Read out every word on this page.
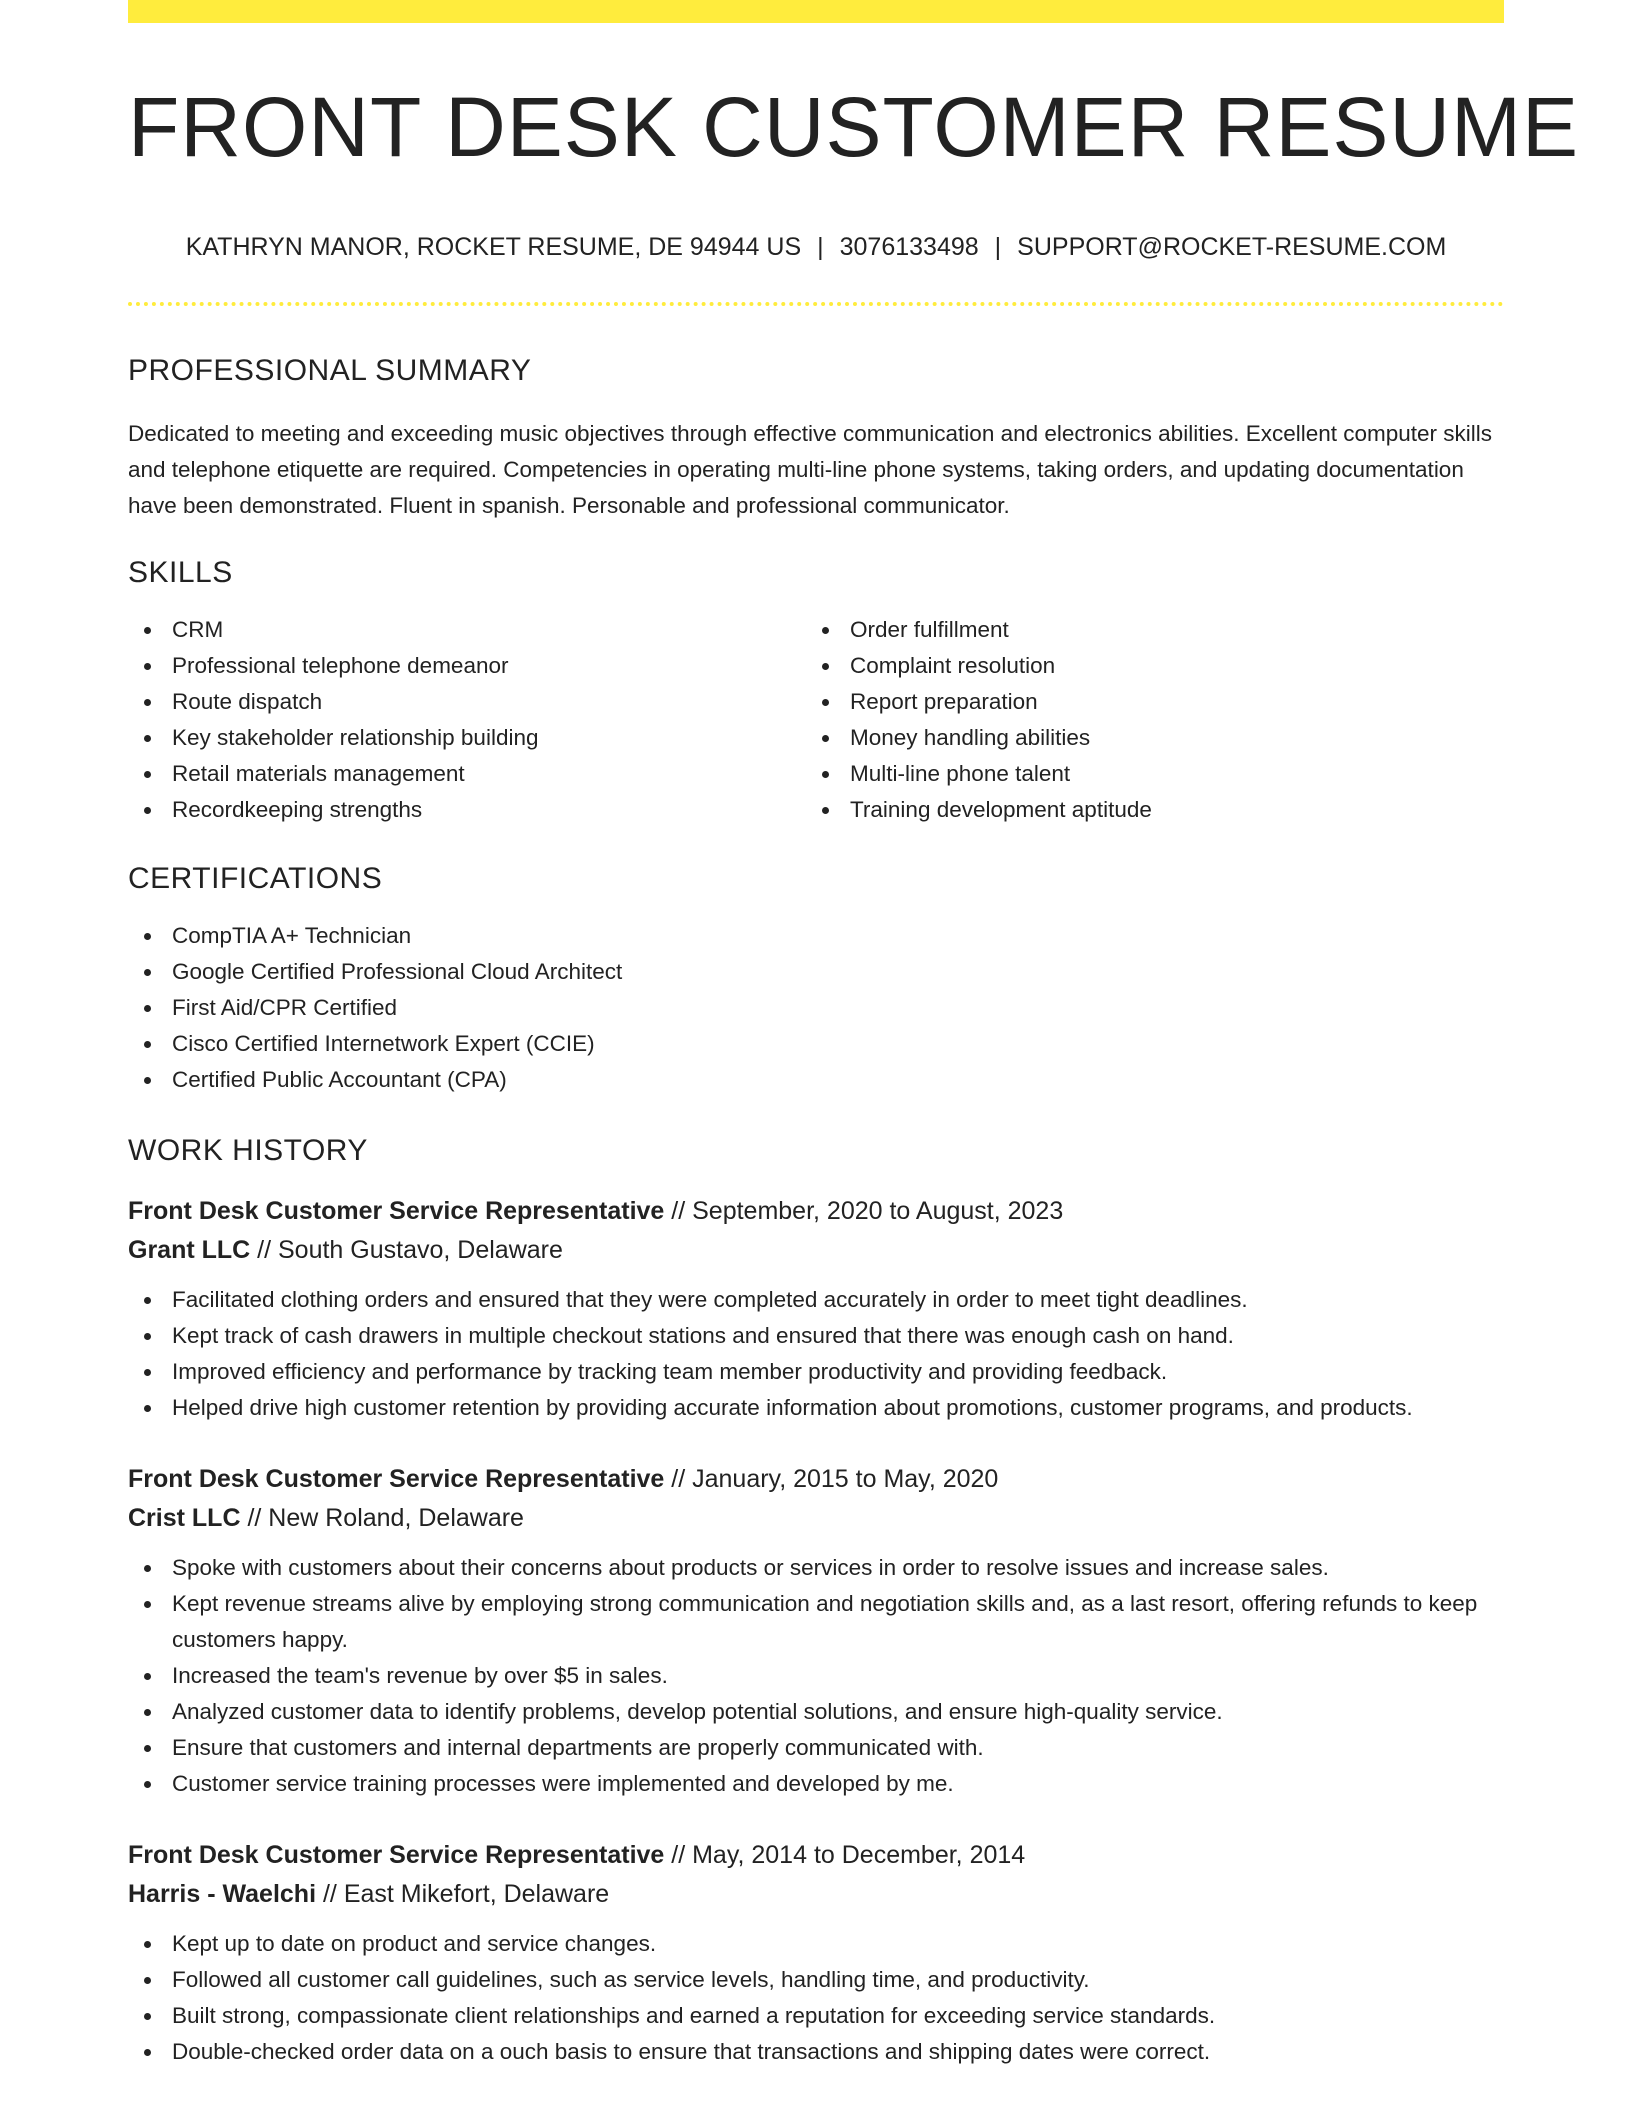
FRONT DESK CUSTOMER RESUME
KATHRYN MANOR, ROCKET RESUME, DE 94944 US | 3076133498 | SUPPORT@ROCKET-RESUME.COM
PROFESSIONAL SUMMARY

Dedicated to meeting and exceeding music objectives through effective communication and electronics abilities. Excellent computer skills and telephone etiquette are required. Competencies in operating multi-line phone systems, taking orders, and updating documentation have been demonstrated. Fluent in spanish. Personable and professional communicator.

SKILLS
CRM
Professional telephone demeanor
Route dispatch
Key stakeholder relationship building
Retail materials management
Recordkeeping strengths
Order fulfillment
Complaint resolution
Report preparation
Money handling abilities
Multi-line phone talent
Training development aptitude
CERTIFICATIONS
CompTIA A+ Technician
Google Certified Professional Cloud Architect
First Aid/CPR Certified
Cisco Certified Internetwork Expert (CCIE)
Certified Public Accountant (CPA)
WORK HISTORY
Front Desk Customer Service Representative // September, 2020 to August, 2023
Grant LLC // South Gustavo, Delaware
Facilitated clothing orders and ensured that they were completed accurately in order to meet tight deadlines.
Kept track of cash drawers in multiple checkout stations and ensured that there was enough cash on hand.
Improved efficiency and performance by tracking team member productivity and providing feedback.
Helped drive high customer retention by providing accurate information about promotions, customer programs, and products.
Front Desk Customer Service Representative // January, 2015 to May, 2020
Crist LLC // New Roland, Delaware
Spoke with customers about their concerns about products or services in order to resolve issues and increase sales.
Kept revenue streams alive by employing strong communication and negotiation skills and, as a last resort, offering refunds to keep customers happy.
Increased the team's revenue by over $5 in sales.
Analyzed customer data to identify problems, develop potential solutions, and ensure high-quality service.
Ensure that customers and internal departments are properly communicated with.
Customer service training processes were implemented and developed by me.
Front Desk Customer Service Representative // May, 2014 to December, 2014
Harris - Waelchi // East Mikefort, Delaware
Kept up to date on product and service changes.
Followed all customer call guidelines, such as service levels, handling time, and productivity.
Built strong, compassionate client relationships and earned a reputation for exceeding service standards.
Double-checked order data on a ouch basis to ensure that transactions and shipping dates were correct.
